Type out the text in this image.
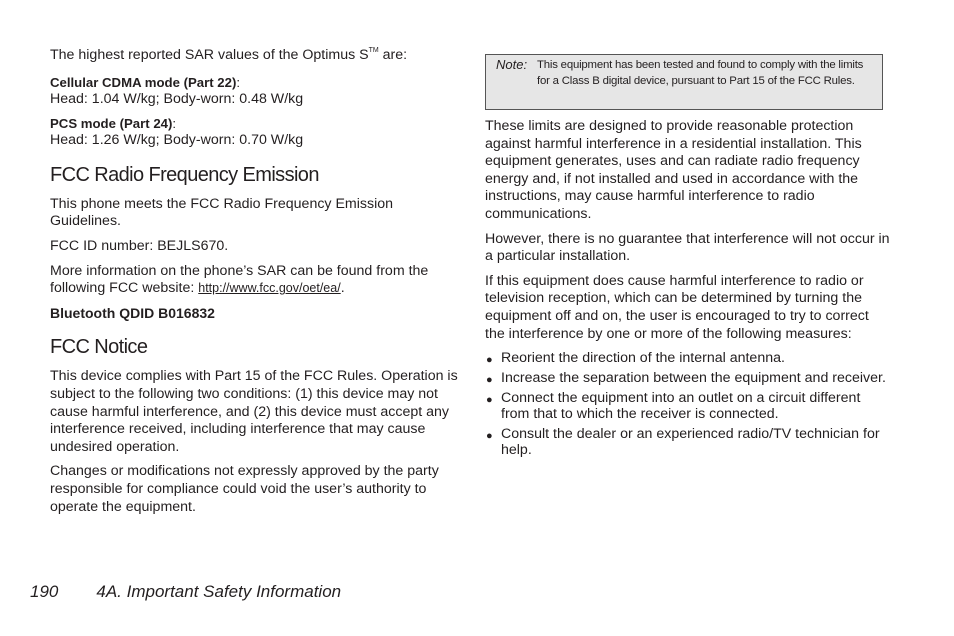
The highest reported SAR values of the Optimus S™ are:

Cellular CDMA mode (Part 22):

Head: 1.04 W/kg; Body-worn: 0.48 W/kg

PCS mode (Part 24):

Head: 1.26 W/kg; Body-worn: 0.70 W/kg

FCC Radio Frequency Emission

This phone meets the FCC Radio Frequency Emission Guidelines.

FCC ID number: BEJLS670.

More information on the phone’s SAR can be found from the following FCC website: http://www.fcc.gov/oet/ea/.

Bluetooth QDID B016832

FCC Notice

This device complies with Part 15 of the FCC Rules. Operation is subject to the following two conditions: (1) this device may not cause harmful interference, and (2) this device must accept any interference received, including interference that may cause undesired operation.

Changes or modifications not expressly approved by the party responsible for compliance could void the user’s authority to operate the equipment.

Note: This equipment has been tested and found to comply with the limits for a Class B digital device, pursuant to Part 15 of the FCC Rules.

These limits are designed to provide reasonable protection against harmful interference in a residential installation. This equipment generates, uses and can radiate radio frequency energy and, if not installed and used in accordance with the instructions, may cause harmful interference to radio communications.

However, there is no guarantee that interference will not occur in a particular installation.

If this equipment does cause harmful interference to radio or television reception, which can be determined by turning the equipment off and on, the user is encouraged to try to correct the interference by one or more of the following measures:

● Reorient the direction of the internal antenna.
● Increase the separation between the equipment and receiver.
● Connect the equipment into an outlet on a circuit different from that to which the receiver is connected.
● Consult the dealer or an experienced radio/TV technician for help.
190 4A. Important Safety Information
